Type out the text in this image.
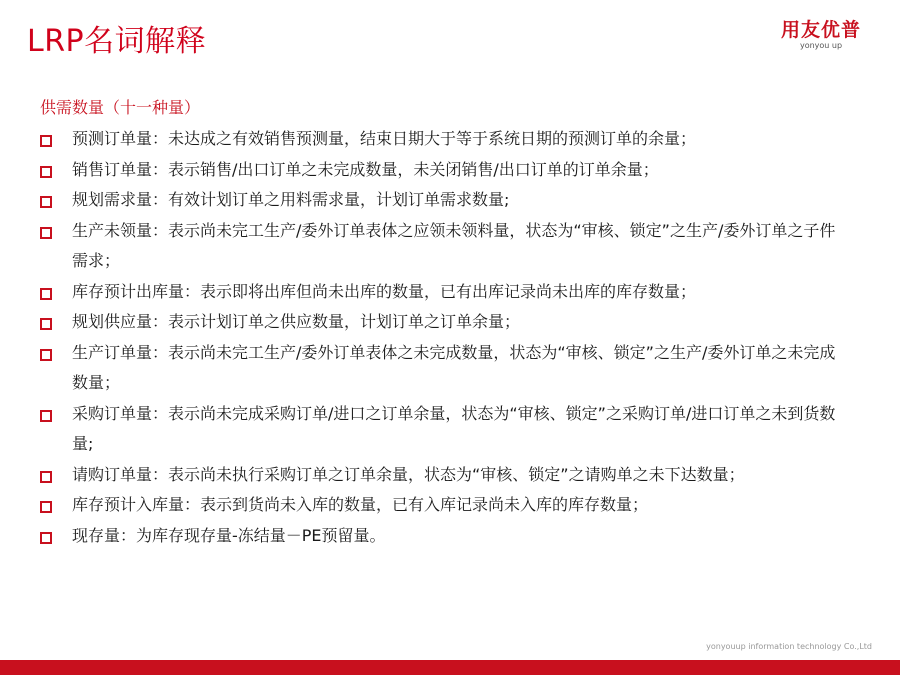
LRP名词解释	用友优普
yonyou up
供需数量（十一种量）
预测订单量：未达成之有效销售预测量，结束日期大于等于系统日期的预测订单的余量；
销售订单量：表示销售/出口订单之未完成数量，未关闭销售/出口订单的订单余量；
规划需求量：有效计划订单之用料需求量，计划订单需求数量;
生产未领量：表示尚未完工生产/委外订单表体之应领未领料量，状态为“审核、锁定”之生产/委外订单之子件需求；
库存预计出库量：表示即将出库但尚未出库的数量，已有出库记录尚未出库的库存数量；
规划供应量：表示计划订单之供应数量，计划订单之订单余量；
生产订单量：表示尚未完工生产/委外订单表体之未完成数量，状态为“审核、锁定”之生产/委外订单之未完成数量；
采购订单量：表示尚未完成采购订单/进口之订单余量，状态为“审核、锁定”之采购订单/进口订单之未到货数量;
请购订单量：表示尚未执行采购订单之订单余量，状态为“审核、锁定”之请购单之未下达数量；
库存预计入库量：表示到货尚未入库的数量，已有入库记录尚未入库的库存数量；
现存量：为库存现存量-冻结量－PE预留量。
yonyouup information technology Co.,Ltd
